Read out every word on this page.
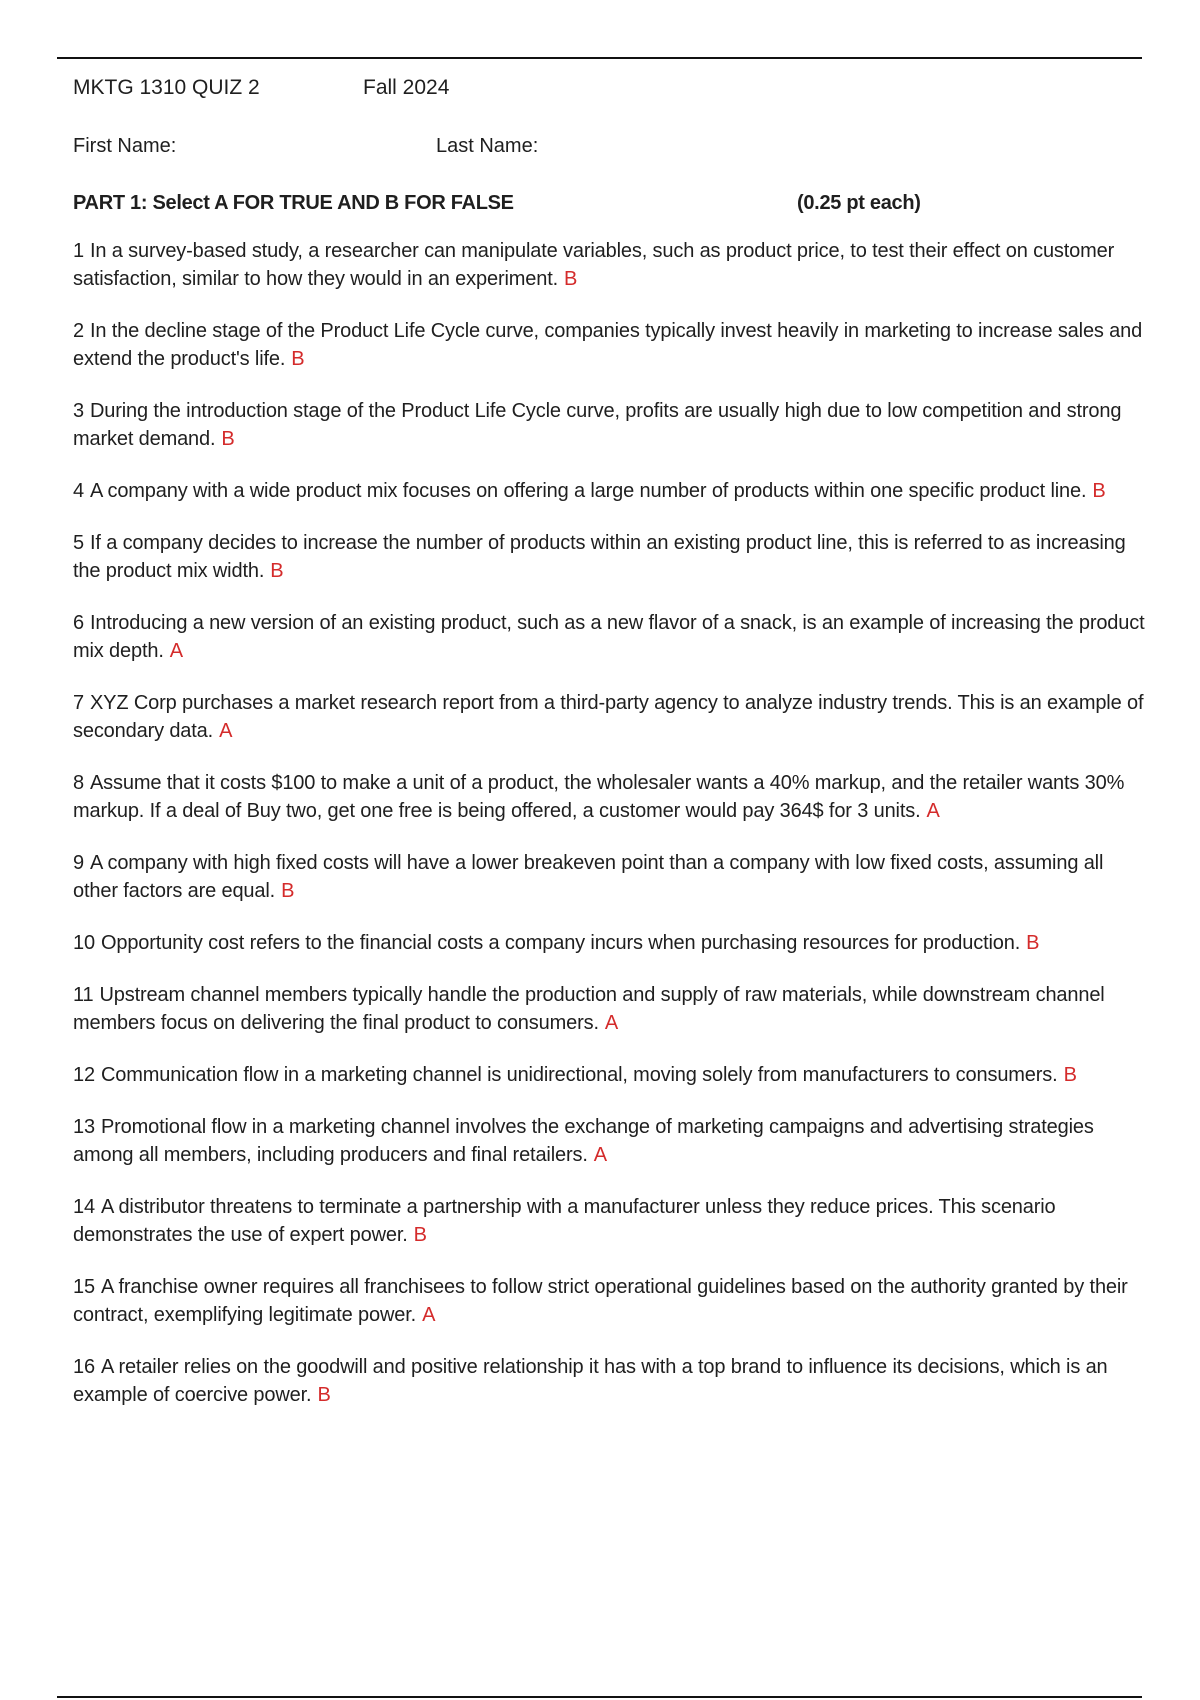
MKTG 1310 QUIZ 2	Fall 2024
First Name:	Last Name:
PART 1: Select A FOR TRUE AND B FOR FALSE	(0.25 pt each)

1 In a survey-based study, a researcher can manipulate variables, such as product price, to test their effect on customer satisfaction, similar to how they would in an experiment. B

2 In the decline stage of the Product Life Cycle curve, companies typically invest heavily in marketing to increase sales and extend the product's life. B

3 During the introduction stage of the Product Life Cycle curve, profits are usually high due to low competition and strong market demand. B

4 A company with a wide product mix focuses on offering a large number of products within one specific product line. B

5 If a company decides to increase the number of products within an existing product line, this is referred to as increasing the product mix width. B

6 Introducing a new version of an existing product, such as a new flavor of a snack, is an example of increasing the product mix depth. A

7 XYZ Corp purchases a market research report from a third-party agency to analyze industry trends. This is an example of secondary data. A

8 Assume that it costs $100 to make a unit of a product, the wholesaler wants a 40% markup, and the retailer wants 30% markup. If a deal of Buy two, get one free is being offered, a customer would pay 364$ for 3 units. A

9 A company with high fixed costs will have a lower breakeven point than a company with low fixed costs, assuming all other factors are equal. B

10 Opportunity cost refers to the financial costs a company incurs when purchasing resources for production. B

11 Upstream channel members typically handle the production and supply of raw materials, while downstream channel members focus on delivering the final product to consumers. A

12 Communication flow in a marketing channel is unidirectional, moving solely from manufacturers to consumers. B

13 Promotional flow in a marketing channel involves the exchange of marketing campaigns and advertising strategies among all members, including producers and final retailers. A

14 A distributor threatens to terminate a partnership with a manufacturer unless they reduce prices. This scenario demonstrates the use of expert power. B

15 A franchise owner requires all franchisees to follow strict operational guidelines based on the authority granted by their contract, exemplifying legitimate power. A

16 A retailer relies on the goodwill and positive relationship it has with a top brand to influence its decisions, which is an example of coercive power. B
